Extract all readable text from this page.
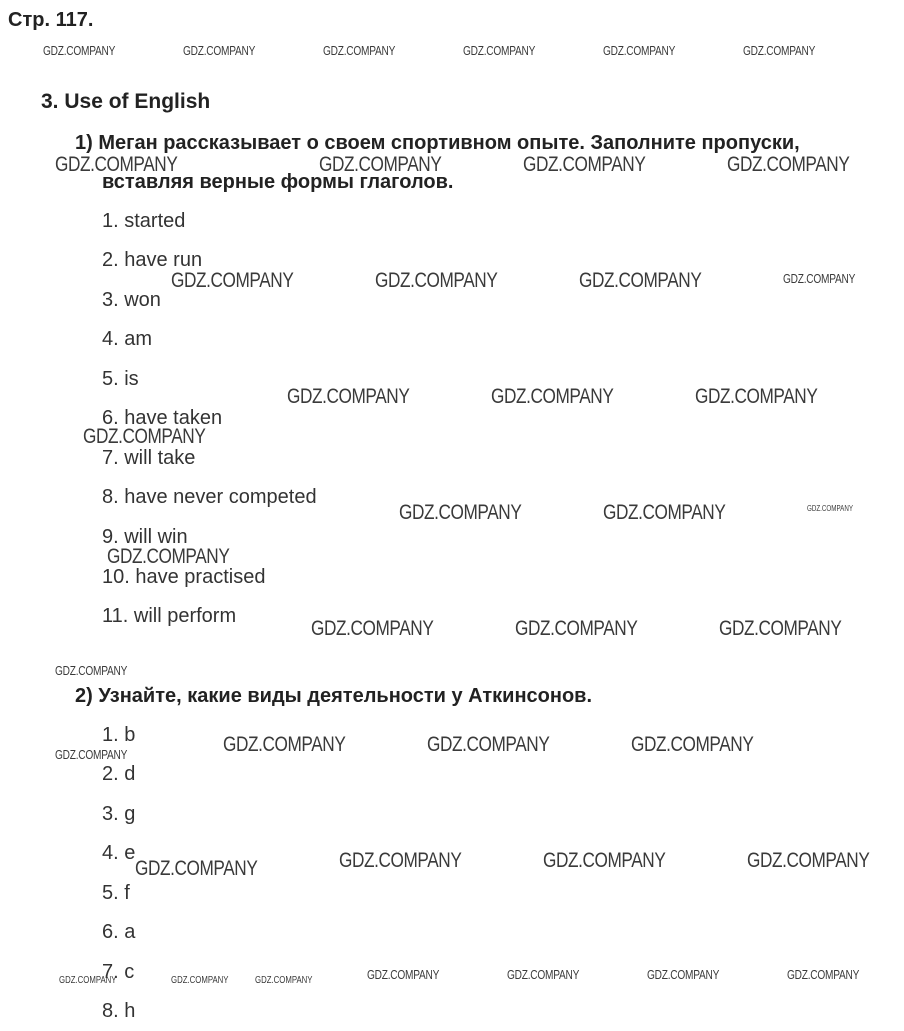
Стр. 117.
3. Use of English
1) Меган рассказывает о своем спортивном опыте. Заполните пропуски,
вставляя верные формы глаголов.
1. started
2. have run
3. won
4. am
5. is
6. have taken
7. will take
8. have never competed
9. will win
10. have practised
11. will perform
2) Узнайте, какие виды деятельности у Аткинсонов.
1. b
2. d
3. g
4. e
5. f
6. a
7. c
8. h
GDZ.COMPANY	GDZ.COMPANY	GDZ.COMPANY	GDZ.COMPANY	GDZ.COMPANY	GDZ.COMPANY
GDZ.COMPANY	GDZ.COMPANY	GDZ.COMPANY	GDZ.COMPANY
GDZ.COMPANY	GDZ.COMPANY	GDZ.COMPANY	GDZ.COMPANY
GDZ.COMPANY	GDZ.COMPANY	GDZ.COMPANY
GDZ.COMPANY
GDZ.COMPANY	GDZ.COMPANY	GDZ.COMPANY
GDZ.COMPANY
GDZ.COMPANY	GDZ.COMPANY	GDZ.COMPANY
GDZ.COMPANY
GDZ.COMPANY	GDZ.COMPANY	GDZ.COMPANY
GDZ.COMPANY
GDZ.COMPANY	GDZ.COMPANY	GDZ.COMPANY
GDZ.COMPANY
GDZ.COMPANY	GDZ.COMPANY	GDZ.COMPANY	GDZ.COMPANY
GDZ.COMPANY	GDZ.COMPANY	GDZ.COMPANY
